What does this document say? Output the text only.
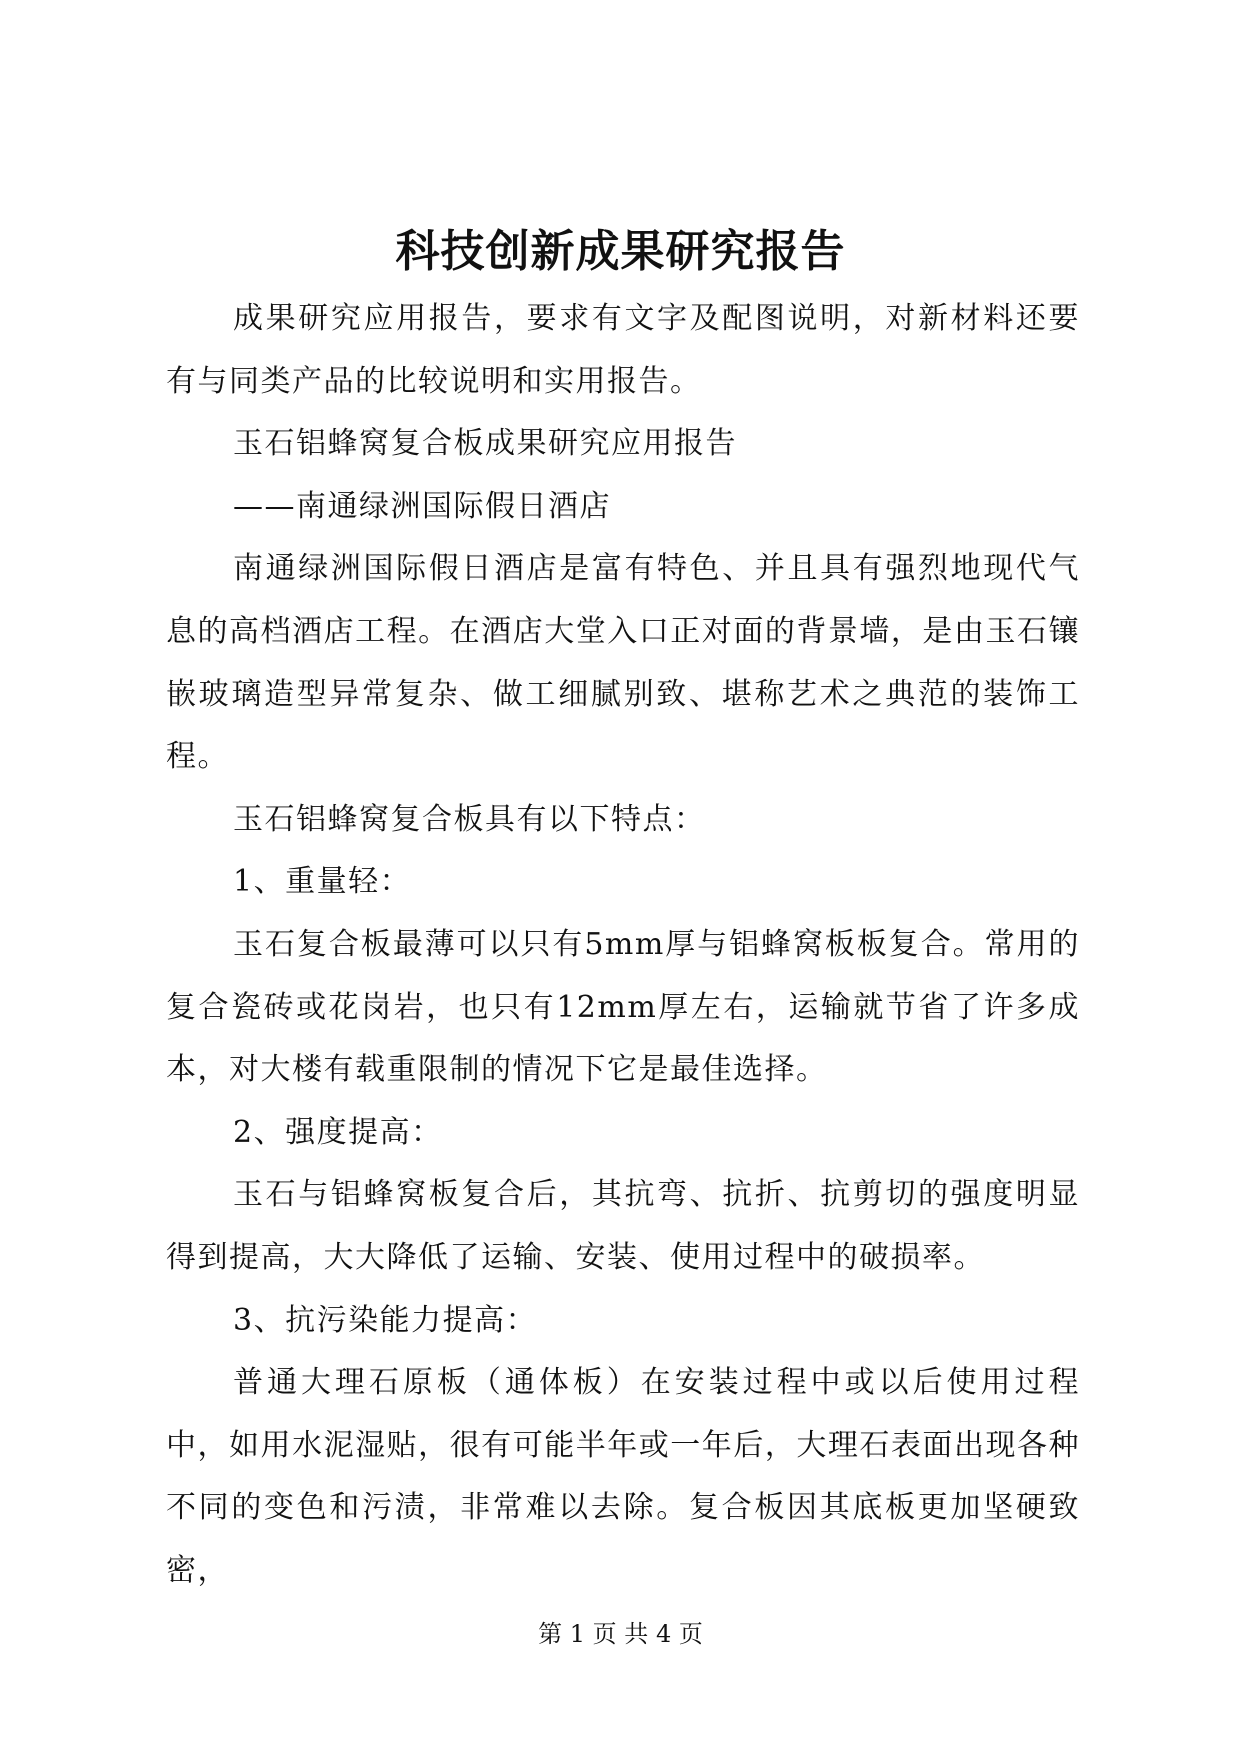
科技创新成果研究报告

成果研究应用报告，要求有文字及配图说明，对新材料还要有与同类产品的比较说明和实用报告。

玉石铝蜂窝复合板成果研究应用报告

——南通绿洲国际假日酒店

南通绿洲国际假日酒店是富有特色、并且具有强烈地现代气息的高档酒店工程。在酒店大堂入口正对面的背景墙，是由玉石镶嵌玻璃造型异常复杂、做工细腻别致、堪称艺术之典范的装饰工程。

玉石铝蜂窝复合板具有以下特点：

1、重量轻：

玉石复合板最薄可以只有5mm厚与铝蜂窝板板复合。常用的复合瓷砖或花岗岩，也只有12mm厚左右，运输就节省了许多成本，对大楼有载重限制的情况下它是最佳选择。

2、强度提高：

玉石与铝蜂窝板复合后，其抗弯、抗折、抗剪切的强度明显得到提高，大大降低了运输、安装、使用过程中的破损率。

3、抗污染能力提高：

普通大理石原板（通体板）在安装过程中或以后使用过程中，如用水泥湿贴，很有可能半年或一年后，大理石表面出现各种不同的变色和污渍，非常难以去除。复合板因其底板更加坚硬致密，

第 1 页 共 4 页
